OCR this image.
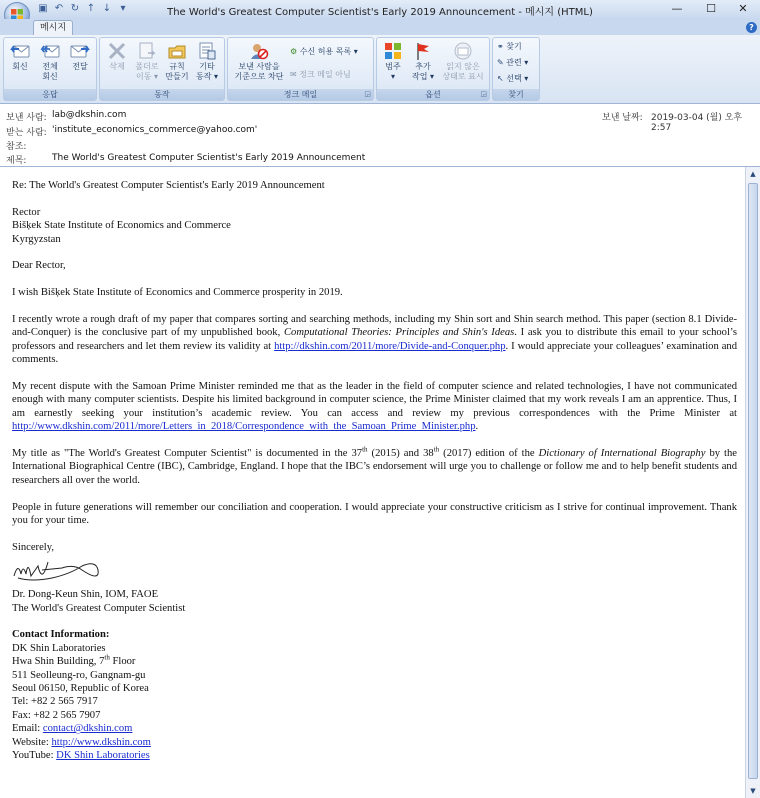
▣ ↶ ↻ ↑ ↓ ▾	The World's Greatest Computer Scientist's Early 2019 Announcement - 메시지 (HTML)	—	☐	✕
메시지	?
회신	전체
회신
전달
응답
삭제	폴더로
이동 ▾
규칙
만들기
기타
동작 ▾
동작
보낸 사람을
기준으로 차단
⚙ 수신 허용 목록 ▾
✉ 정크 메일 아님
정크 메일	◲
범주
▾
추가
작업 ▾
읽지 않은
상태로 표시
옵션	◲
⚭ 찾기
✎ 관련 ▾
↖ 선택 ▾
찾기
보낸 사람: lab@dkshin.com
받는 사람: 'institute_economics_commerce@yahoo.com'
참조:
제목:	The World's Greatest Computer Scientist's Early 2019 Announcement
보낸 날짜: 2019-03-04 (월) 오후 2:57

Re: The World's Greatest Computer Scientist's Early 2019 Announcement

Rector
Bišķek State Institute of Economics and Commerce
Kyrgyzstan

Dear Rector,

I wish Bišķek State Institute of Economics and Commerce prosperity in 2019.

I recently wrote a rough draft of my paper that compares sorting and searching methods, including my Shin sort and Shin search method. This paper (section 8.1 Divide-and-Conquer) is the conclusive part of my unpublished book, Computational Theories: Principles and Shin's Ideas. I ask you to distribute this email to your school’s professors and researchers and let them review its validity at http://dkshin.com/2011/more/Divide-and-Conquer.php. I would appreciate your colleagues’ examination and comments.

My recent dispute with the Samoan Prime Minister reminded me that as the leader in the field of computer science and related technologies, I have not communicated enough with many computer scientists. Despite his limited background in computer science, the Prime Minister claimed that my work reveals I am an apprentice. Thus, I am earnestly seeking your institution’s academic review. You can access and review my previous correspondences with the Prime Minister at http://www.dkshin.com/2011/more/Letters_in_2018/Correspondence_with_the_Samoan_Prime_Minister.php.

My title as "The World's Greatest Computer Scientist" is documented in the 37th (2015) and 38th (2017) edition of the Dictionary of International Biography by the International Biographical Centre (IBC), Cambridge, England. I hope that the IBC’s endorsement will urge you to challenge or follow me and to help benefit students and researchers all over the world.

People in future generations will remember our conciliation and cooperation. I would appreciate your constructive criticism as I strive for continual improvement. Thank you for your time.

Sincerely,
Dr. Dong-Keun Shin, IOM, FAOE

The World's Greatest Computer Scientist

Contact Information:
DK Shin Laboratories
Hwa Shin Building, 7th Floor
511 Seolleung-ro, Gangnam-gu
Seoul 06150, Republic of Korea
Tel: +82 2 565 7917
Fax: +82 2 565 7907
Email: contact@dkshin.com
Website: http://www.dkshin.com
YouTube: DK Shin Laboratories
▲
▼
